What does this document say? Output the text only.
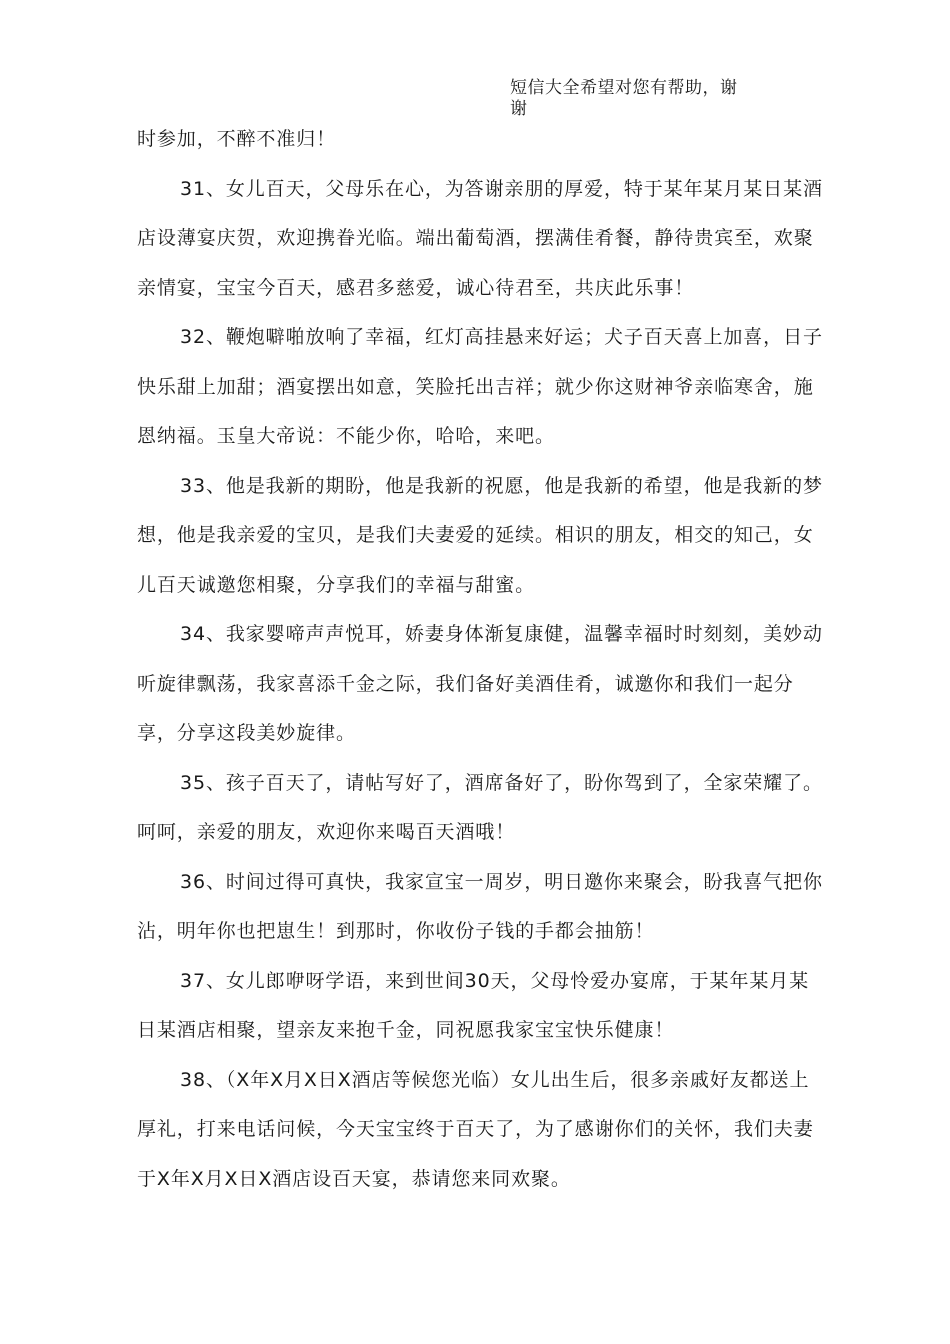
短信大全希望对您有帮助，谢谢

时参加，不醉不准归！

31、女儿百天，父母乐在心，为答谢亲朋的厚爱，特于某年某月某日某酒店设薄宴庆贺，欢迎携眷光临。端出葡萄酒，摆满佳肴餐，静待贵宾至，欢聚亲情宴，宝宝今百天，感君多慈爱，诚心待君至，共庆此乐事！

32、鞭炮噼啪放响了幸福，红灯高挂悬来好运；犬子百天喜上加喜，日子快乐甜上加甜；酒宴摆出如意，笑脸托出吉祥；就少你这财神爷亲临寒舍，施恩纳福。玉皇大帝说：不能少你，哈哈，来吧。

33、他是我新的期盼，他是我新的祝愿，他是我新的希望，他是我新的梦想，他是我亲爱的宝贝，是我们夫妻爱的延续。相识的朋友，相交的知己，女儿百天诚邀您相聚，分享我们的幸福与甜蜜。

34、我家婴啼声声悦耳，娇妻身体渐复康健，温馨幸福时时刻刻，美妙动听旋律飘荡，我家喜添千金之际，我们备好美酒佳肴，诚邀你和我们一起分享，分享这段美妙旋律。

35、孩子百天了，请帖写好了，酒席备好了，盼你驾到了，全家荣耀了。呵呵，亲爱的朋友，欢迎你来喝百天酒哦！

36、时间过得可真快，我家宣宝一周岁，明日邀你来聚会，盼我喜气把你沾，明年你也把崽生！到那时，你收份子钱的手都会抽筋！

37、女儿郎咿呀学语，来到世间30天，父母怜爱办宴席，于某年某月某日某酒店相聚，望亲友来抱千金，同祝愿我家宝宝快乐健康！

38、（X年X月X日X酒店等候您光临）女儿出生后，很多亲戚好友都送上厚礼，打来电话问候，今天宝宝终于百天了，为了感谢你们的关怀，我们夫妻于X年X月X日X酒店设百天宴，恭请您来同欢聚。
